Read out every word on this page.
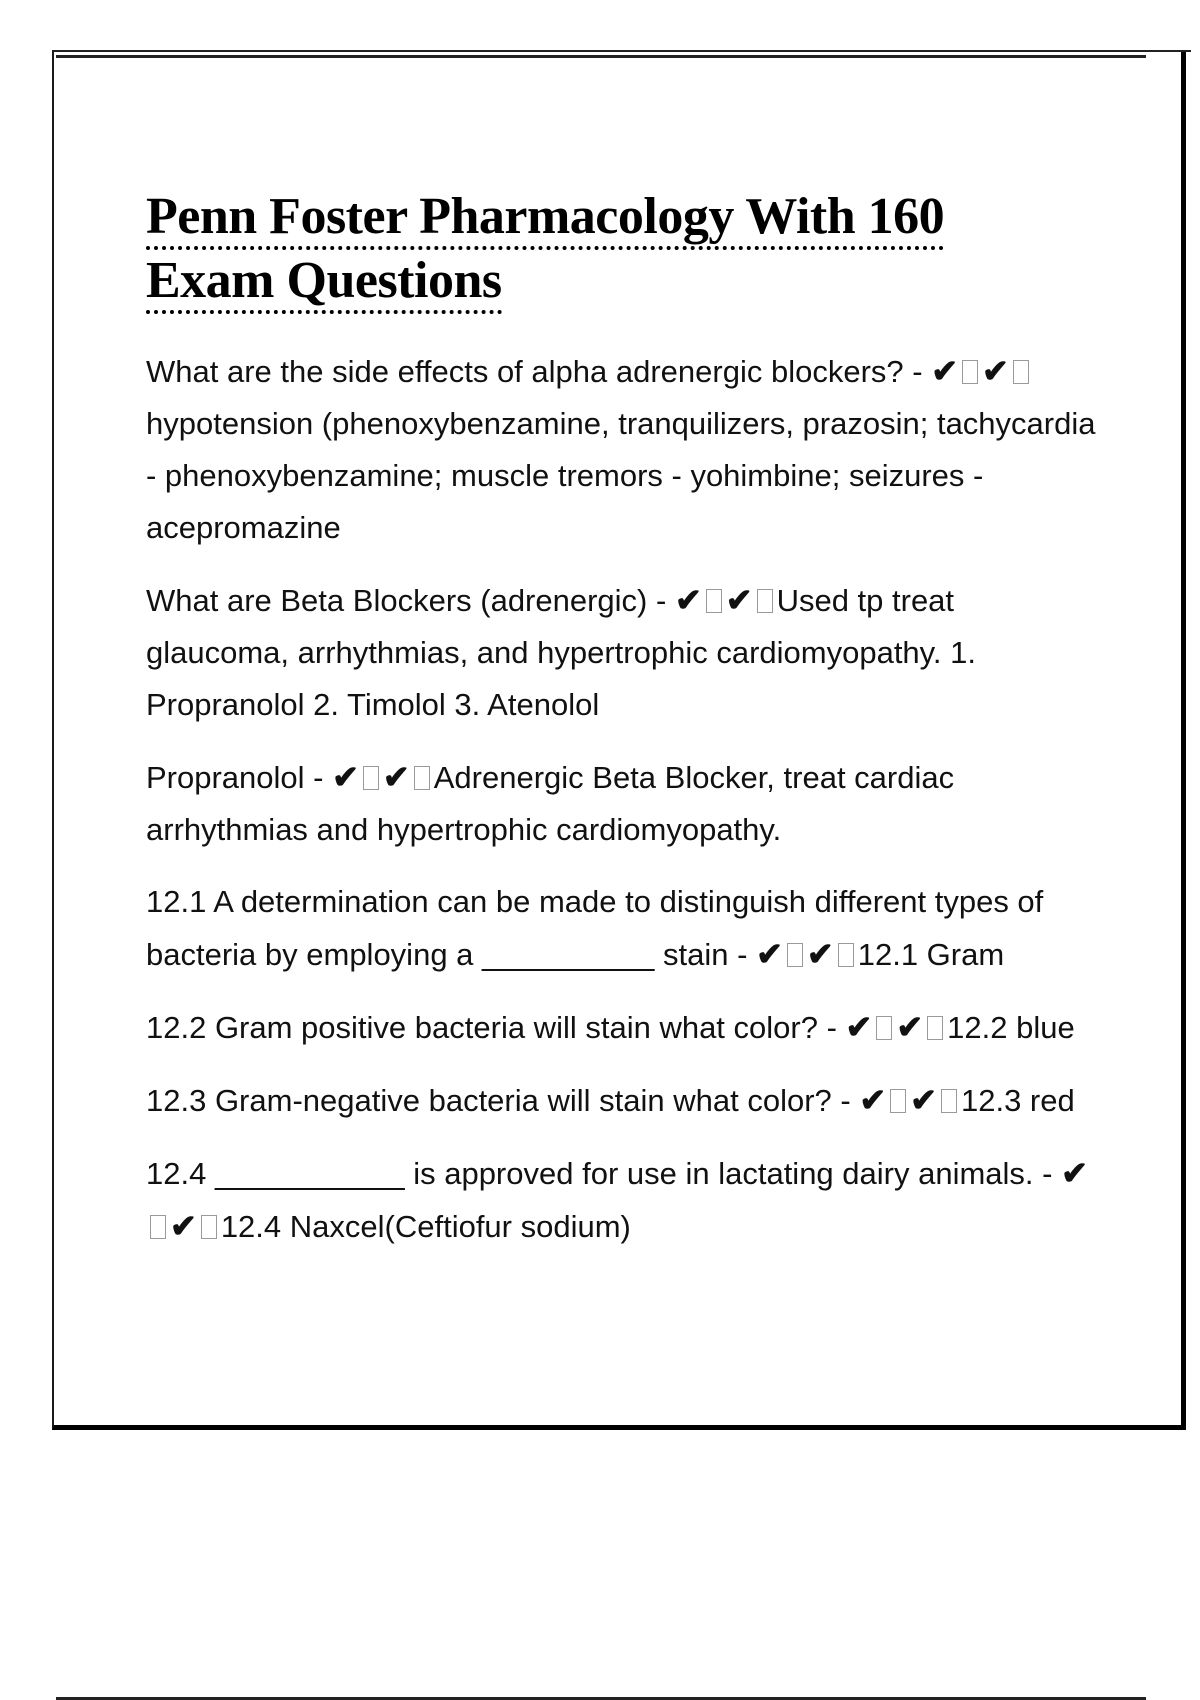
Penn Foster Pharmacology With 160
Exam Questions

What are the side effects of alpha adrenergic blockers? - ✔ ✔hypotension (phenoxybenzamine, tranquilizers, prazosin; tachycardia - phenoxybenzamine; muscle tremors - yohimbine; seizures - acepromazine

What are Beta Blockers (adrenergic) - ✔ ✔ Used tp treat glaucoma, arrhythmias, and hypertrophic cardiomyopathy. 1. Propranolol 2. Timolol 3. Atenolol

Propranolol - ✔ ✔ Adrenergic Beta Blocker, treat cardiac arrhythmias and hypertrophic cardiomyopathy.

12.1 A determination can be made to distinguish different types of bacteria by employing a __________ stain - ✔ ✔ 12.1 Gram

12.2 Gram positive bacteria will stain what color? - ✔ ✔ 12.2 blue

12.3 Gram-negative bacteria will stain what color? - ✔ ✔ 12.3 red

12.4 ___________ is approved for use in lactating dairy animals. - ✔✔ 12.4 Naxcel(Ceftiofur sodium)
